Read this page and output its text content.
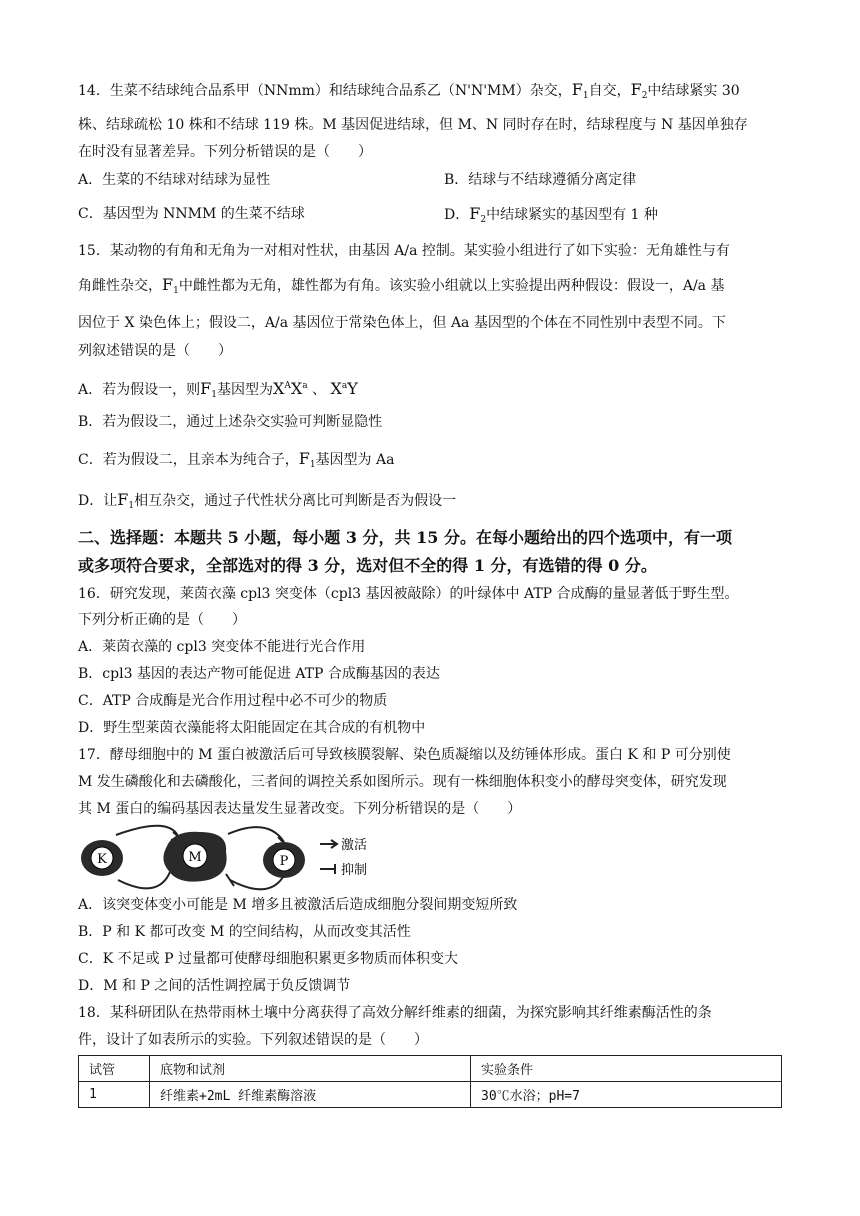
14．生菜不结球纯合品系甲（NNmm）和结球纯合品系乙（N'N'MM）杂交，$F_1$自交，$F_2$中结球紧实 30
株、结球疏松 10 株和不结球 119 株。M 基因促进结球，但 M、N 同时存在时，结球程度与 N 基因单独存
在时没有显著差异。下列分析错误的是（　　）
A．生菜的不结球对结球为显性	B．结球与不结球遵循分离定律
C．基因型为 NNMM 的生菜不结球	D．$F_2$中结球紧实的基因型有 1 种
15．某动物的有角和无角为一对相对性状，由基因 A/a 控制。某实验小组进行了如下实验：无角雄性与有
角雌性杂交，$F_1$中雌性都为无角，雄性都为有角。该实验小组就以上实验提出两种假设：假设一，A/a 基
因位于 X 染色体上；假设二，A/a 基因位于常染色体上，但 Aa 基因型的个体在不同性别中表型不同。下
列叙述错误的是（　　）
A．若为假设一，则$F_1$基因型为$X^AX^a$ 、 $X^aY$
B．若为假设二，通过上述杂交实验可判断显隐性
C．若为假设二，且亲本为纯合子，$F_1$基因型为 Aa
D．让$F_1$相互杂交，通过子代性状分离比可判断是否为假设一
二、选择题：本题共 5 小题，每小题 3 分，共 15 分。在每小题给出的四个选项中，有一项
或多项符合要求，全部选对的得 3 分，选对但不全的得 1 分，有选错的得 0 分。
16．研究发现，莱茵衣藻 cpl3 突变体（cpl3 基因被敲除）的叶绿体中 ATP 合成酶的量显著低于野生型。
下列分析正确的是（　　）
A．莱茵衣藻的 cpl3 突变体不能进行光合作用
B．cpl3 基因的表达产物可能促进 ATP 合成酶基因的表达
C．ATP 合成酶是光合作用过程中必不可少的物质
D．野生型莱茵衣藻能将太阳能固定在其合成的有机物中
17．酵母细胞中的 M 蛋白被激活后可导致核膜裂解、染色质凝缩以及纺锤体形成。蛋白 K 和 P 可分别使
M 发生磷酸化和去磷酸化，三者间的调控关系如图所示。现有一株细胞体积变小的酵母突变体，研究发现
其 M 蛋白的编码基因表达量发生显著改变。下列分析错误的是（　　）
K	M	P
激活
抑制
A．该突变体变小可能是 M 增多且被激活后造成细胞分裂间期变短所致
B．P 和 K 都可改变 M 的空间结构，从而改变其活性
C．K 不足或 P 过量都可使酵母细胞积累更多物质而体积变大
D．M 和 P 之间的活性调控属于负反馈调节
18．某科研团队在热带雨林土壤中分离获得了高效分解纤维素的细菌，为探究影响其纤维素酶活性的条
件，设计了如表所示的实验。下列叙述错误的是（　　）
试管	底物和试剂	实验条件
1	纤维素+2mL 纤维素酶溶液	30℃水浴；pH=7
